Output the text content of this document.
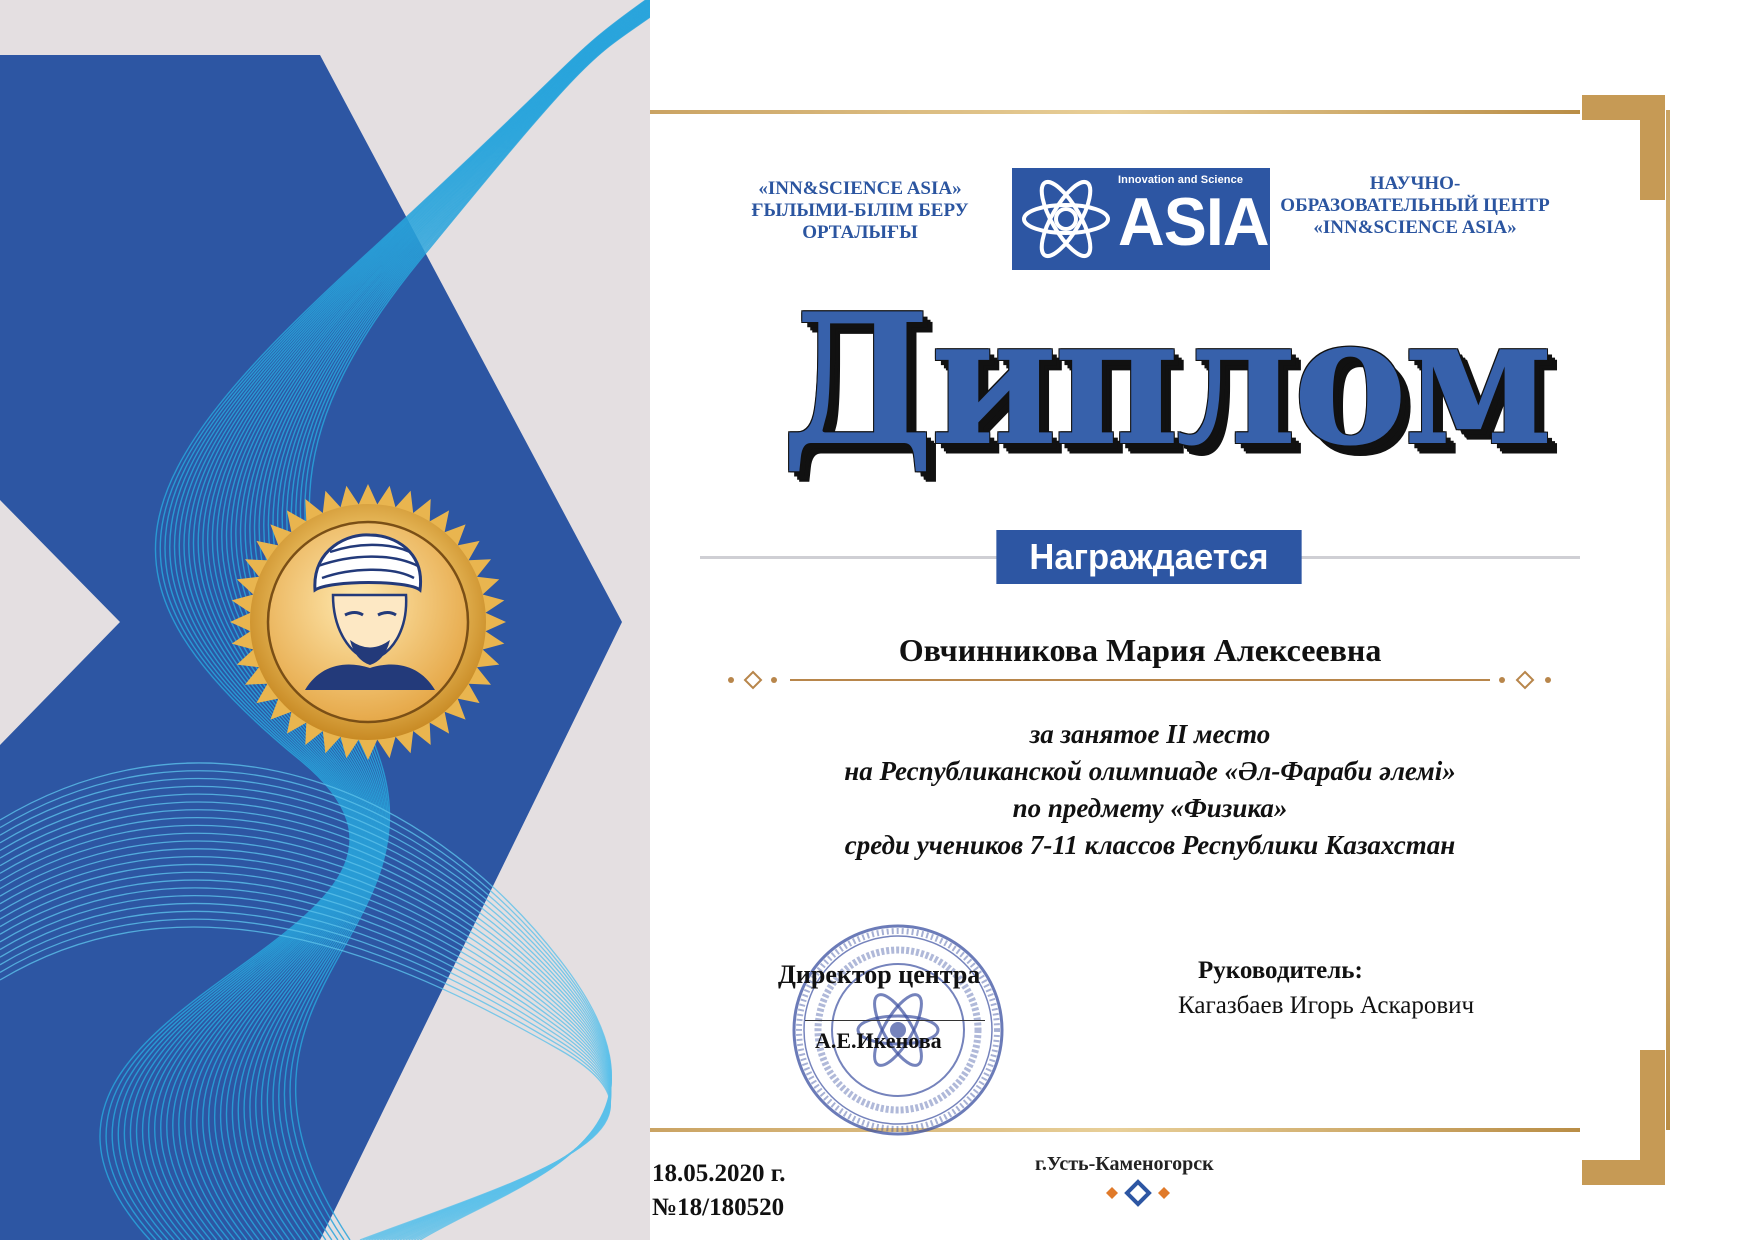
«INN&SCIENCE ASIA»
ҒЫЛЫМИ-БІЛІМ БЕРУ
ОРТАЛЫҒЫ
Innovation and Science
ASIA
НАУЧНО-
ОБРАЗОВАТЕЛЬНЫЙ ЦЕНТР
«INN&SCIENCE ASIA»
Диплом
Награждается
Овчинникова Мария Алексеевна
за занятое II место
на Республиканской олимпиаде «Әл-Фараби әлемі»
по предмету «Физика»
среди учеников 7-11 классов Республики Казахстан
Директор центра
А.Е.Икенова
Руководитель:
Кагазбаев Игорь Аскарович
18.05.2020 г.
№18/180520
г.Усть-Каменогорск
